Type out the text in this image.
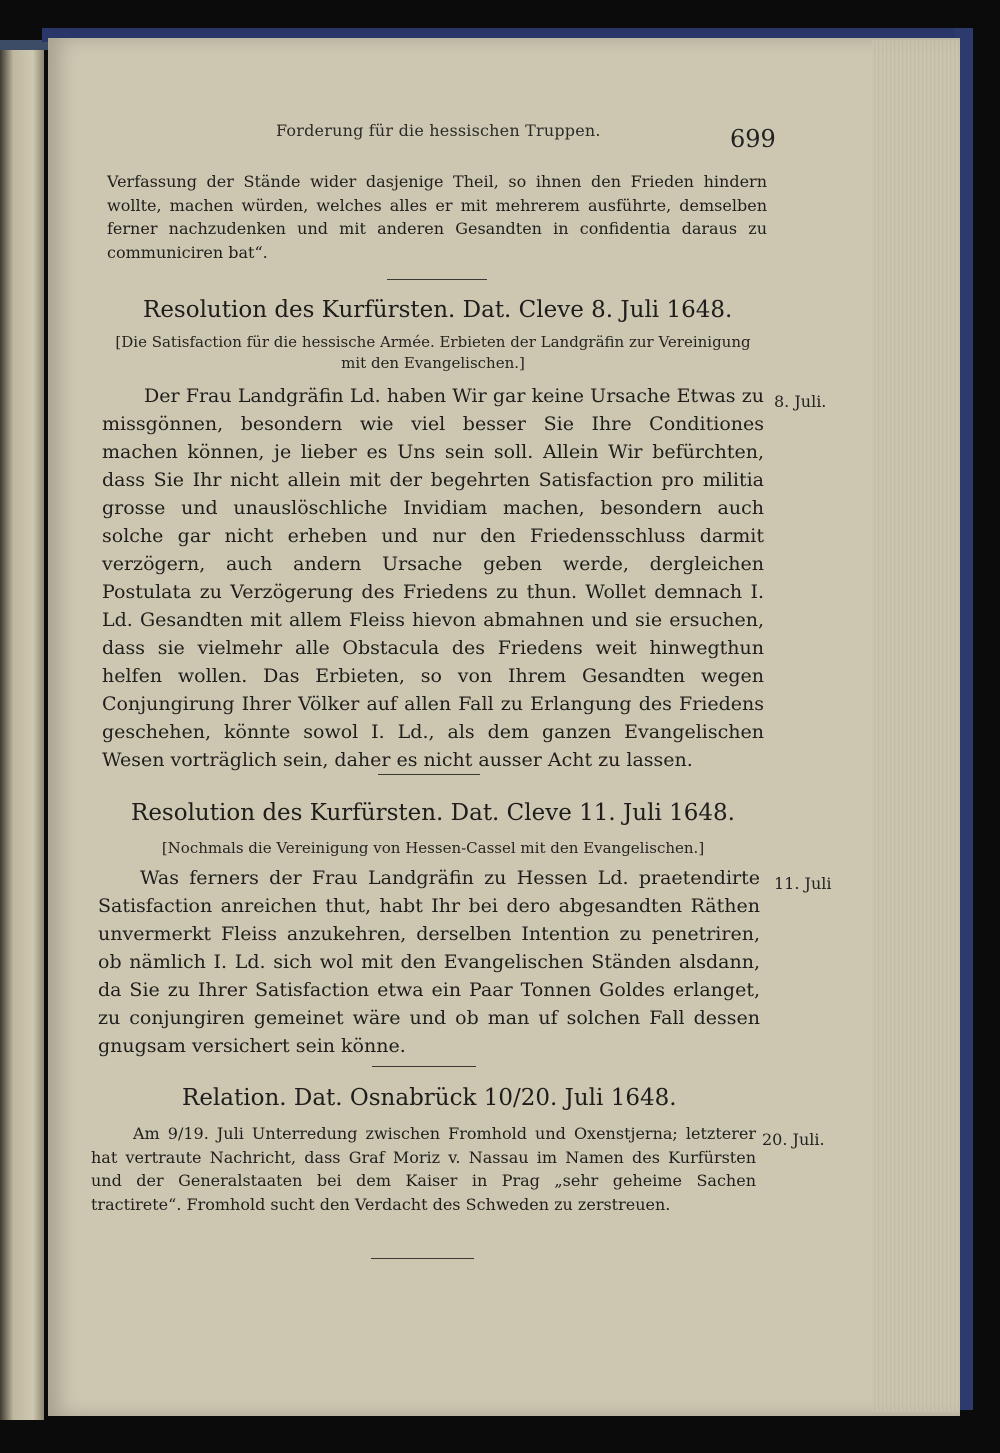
Forderung für die hessischen Truppen.	699
Verfassung der Stände wider dasjenige Theil, so ihnen den Frieden hindern wollte, machen würden, welches alles er mit mehrerem ausführte, demselben ferner nachzudenken und mit anderen Gesandten in confidentia daraus zu communiciren bat“.
Resolution des Kurfürsten. Dat. Cleve 8. Juli 1648.
[Die Satisfaction für die hessische Armée. Erbieten der Landgräfin zur Vereinigung mit den Evangelischen.]
Der Frau Landgräfin Ld. haben Wir gar keine Ursache Etwas zu missgönnen, besondern wie viel besser Sie Ihre Conditiones machen können, je lieber es Uns sein soll. Allein Wir befürchten, dass Sie Ihr nicht allein mit der begehrten Satisfaction pro militia grosse und unauslöschliche Invidiam machen, besondern auch solche gar nicht erheben und nur den Friedensschluss darmit verzögern, auch andern Ursache geben werde, dergleichen Postulata zu Verzögerung des Friedens zu thun. Wollet demnach I. Ld. Gesandten mit allem Fleiss hievon abmahnen und sie ersuchen, dass sie vielmehr alle Obstacula des Friedens weit hinwegthun helfen wollen. Das Erbieten, so von Ihrem Gesandten wegen Conjungirung Ihrer Völker auf allen Fall zu Erlangung des Friedens geschehen, könnte sowol I. Ld., als dem ganzen Evangelischen Wesen vorträglich sein, daher es nicht ausser Acht zu lassen.
8. Juli.
Resolution des Kurfürsten. Dat. Cleve 11. Juli 1648.
[Nochmals die Vereinigung von Hessen-Cassel mit den Evangelischen.]
Was ferners der Frau Landgräfin zu Hessen Ld. praetendirte Satisfaction anreichen thut, habt Ihr bei dero abgesandten Räthen unvermerkt Fleiss anzukehren, derselben Intention zu penetriren, ob nämlich I. Ld. sich wol mit den Evangelischen Ständen alsdann, da Sie zu Ihrer Satisfaction etwa ein Paar Tonnen Goldes erlanget, zu conjungiren gemeinet wäre und ob man uf solchen Fall dessen gnugsam versichert sein könne.
11. Juli
Relation. Dat. Osnabrück 10/20. Juli 1648.
Am 9/19. Juli Unterredung zwischen Fromhold und Oxenstjerna; letzterer hat vertraute Nachricht, dass Graf Moriz v. Nassau im Namen des Kurfürsten und der Generalstaaten bei dem Kaiser in Prag „sehr geheime Sachen tractirete“. Fromhold sucht den Verdacht des Schweden zu zerstreuen.
20. Juli.
